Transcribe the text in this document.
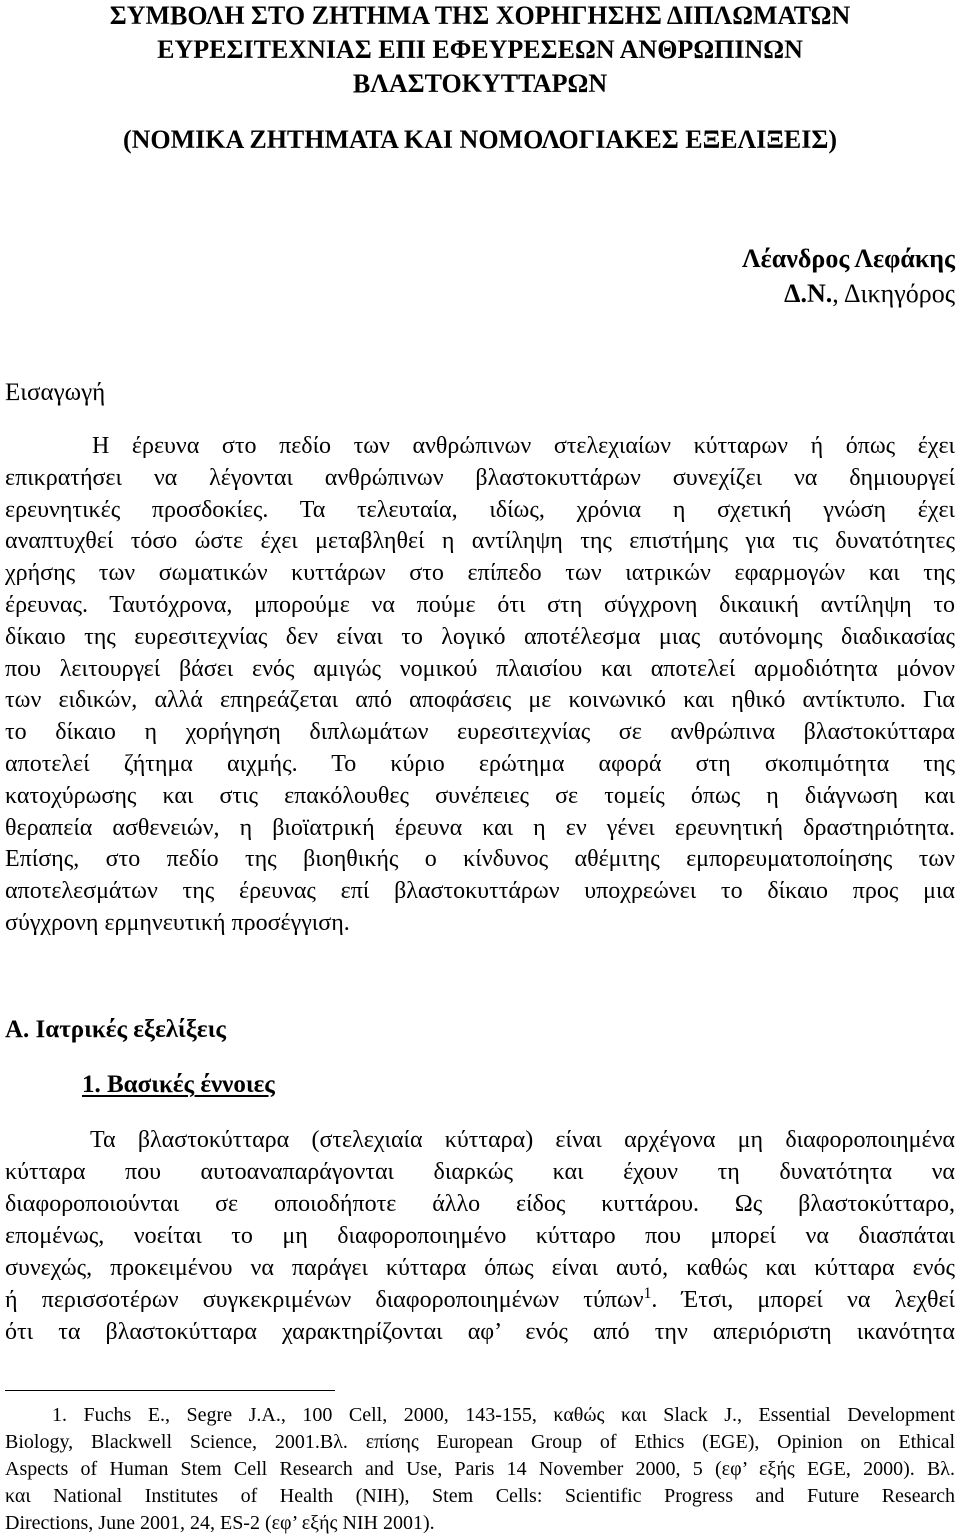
ΣΥΜΒΟΛΗ ΣΤΟ ΖΗΤΗΜΑ ΤΗΣ ΧΟΡΗΓΗΣΗΣ ΔΙΠΛΩΜΑΤΩΝ
ΕΥΡΕΣΙΤΕΧΝΙΑΣ ΕΠΙ ΕΦΕΥΡΕΣΕΩΝ ΑΝΘΡΩΠΙΝΩΝ
ΒΛΑΣΤΟΚΥΤΤΑΡΩΝ
(ΝΟΜΙΚΑ ΖΗΤΗΜΑΤΑ ΚΑΙ ΝΟΜΟΛΟΓΙΑΚΕΣ ΕΞΕΛΙΞΕΙΣ)
Λέανδρος Λεφάκης
Δ.Ν., Δικηγόρος
Εισαγωγή
Η έρευνα στο πεδίο των ανθρώπινων στελεχιαίων κύτταρων ή όπως έχει
επικρατήσει να λέγονται ανθρώπινων βλαστοκυττάρων συνεχίζει να δημιουργεί
ερευνητικές προσδοκίες. Τα τελευταία, ιδίως, χρόνια η σχετική γνώση έχει
αναπτυχθεί τόσο ώστε έχει μεταβληθεί η αντίληψη της επιστήμης για τις δυνατότητες
χρήσης των σωματικών κυττάρων στο επίπεδο των ιατρικών εφαρμογών και της
έρευνας. Ταυτόχρονα, μπορούμε να πούμε ότι στη σύγχρονη δικαιική αντίληψη το
δίκαιο της ευρεσιτεχνίας δεν είναι το λογικό αποτέλεσμα μιας αυτόνομης διαδικασίας
που λειτουργεί βάσει ενός αμιγώς νομικού πλαισίου και αποτελεί αρμοδιότητα μόνον
των ειδικών, αλλά επηρεάζεται από αποφάσεις με κοινωνικό και ηθικό αντίκτυπο. Για
το δίκαιο η χορήγηση διπλωμάτων ευρεσιτεχνίας σε ανθρώπινα βλαστοκύτταρα
αποτελεί ζήτημα αιχμής. Το κύριο ερώτημα αφορά στη σκοπιμότητα της
κατοχύρωσης και στις επακόλουθες συνέπειες σε τομείς όπως η διάγνωση και
θεραπεία ασθενειών, η βιοϊατρική έρευνα και η εν γένει ερευνητική δραστηριότητα.
Επίσης, στο πεδίο της βιοηθικής ο κίνδυνος αθέμιτης εμπορευματοποίησης των
αποτελεσμάτων της έρευνας επί βλαστοκυττάρων υποχρεώνει το δίκαιο προς μια
σύγχρονη ερμηνευτική προσέγγιση.
Α. Ιατρικές εξελίξεις
1. Βασικές έννοιες
Τα βλαστοκύτταρα (στελεχιαία κύτταρα) είναι αρχέγονα μη διαφοροποιημένα
κύτταρα που αυτοαναπαράγονται διαρκώς και έχουν τη δυνατότητα να
διαφοροποιούνται σε οποιοδήποτε άλλο είδος κυττάρου. Ως βλαστοκύτταρο,
επομένως, νοείται το μη διαφοροποιημένο κύτταρο που μπορεί να διασπάται
συνεχώς, προκειμένου να παράγει κύτταρα όπως είναι αυτό, καθώς και κύτταρα ενός
ή περισσοτέρων συγκεκριμένων διαφοροποιημένων τύπων$^1$. Έτσι, μπορεί να λεχθεί
ότι τα βλαστοκύτταρα χαρακτηρίζονται αφ’ ενός από την απεριόριστη ικανότητα
1. Fuchs E., Segre J.A., 100 Cell, 2000, 143-155, καθώς και Slack J., Essential Development
Biology, Blackwell Science, 2001.Βλ. επίσης European Group of Ethics (EGE), Opinion on Ethical
Aspects of Human Stem Cell Research and Use, Paris 14 November 2000, 5 (εφ’ εξής EGE, 2000). Βλ.
και National Institutes of Health (NIH), Stem Cells: Scientific Progress and Future Research
Directions, June 2001, 24, ES-2 (εφ’ εξής NIH 2001).
